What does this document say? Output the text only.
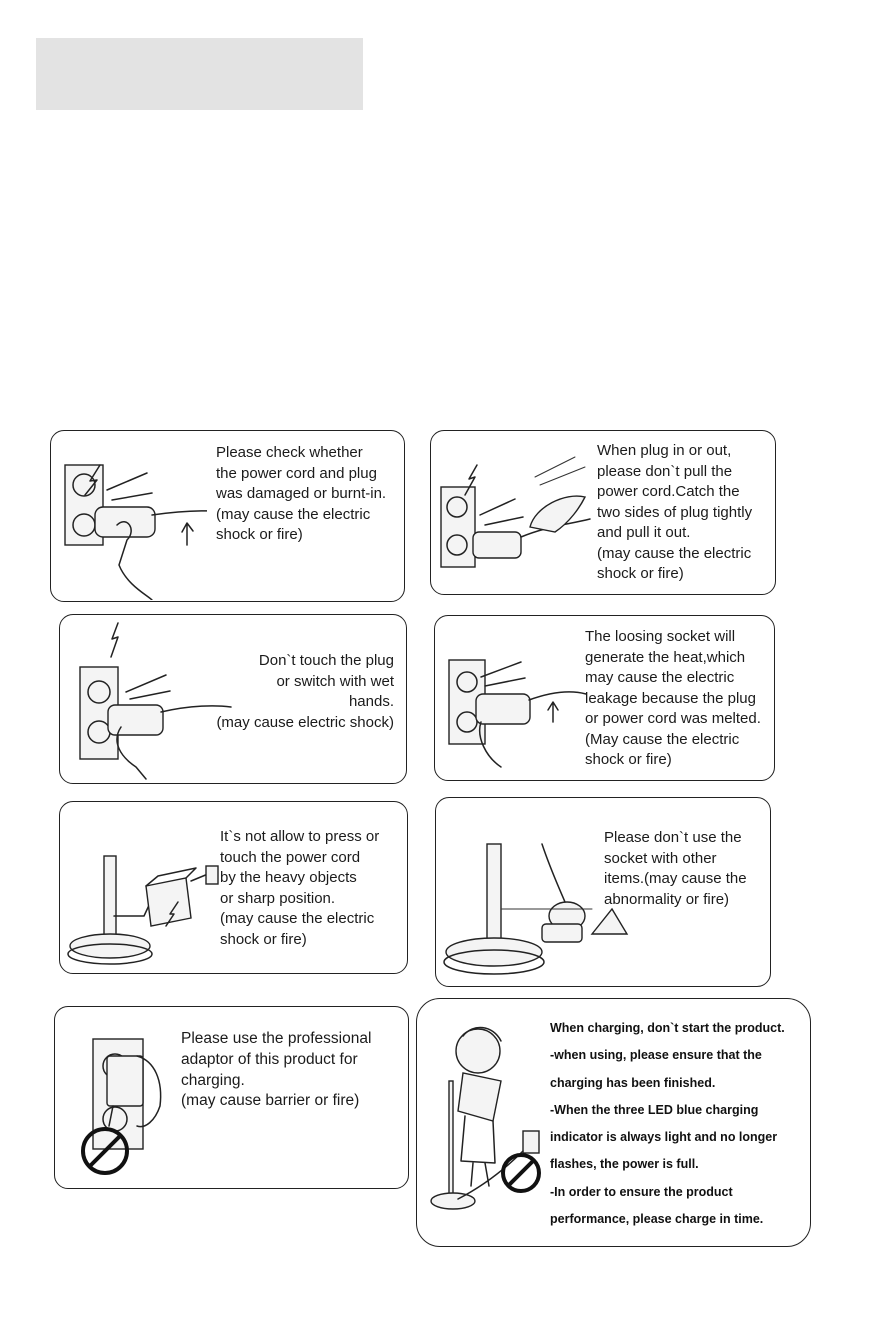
Please check whether
the power cord and plug
was damaged or burnt-in.
(may cause the electric
shock or fire)
When plug in or out,
please don`t pull the
power cord.Catch the
two sides of plug tightly
and pull it out.
(may cause the electric
shock or fire)
Don`t touch the plug
or switch with wet
hands.
(may cause electric shock)
The loosing socket will
generate the heat,which
may cause the electric
leakage because the plug
or power cord was melted.
(May cause the electric
shock or fire)
It`s not allow to press or
touch the power cord
by the heavy objects
or sharp position.
(may cause the electric
shock or fire)
Please don`t use the
socket with other
items.(may cause the
abnormality or fire)
Please use the professional
adaptor of this product for
charging.
(may cause barrier or fire)
When charging, don`t start the product.
-when using, please ensure that the
charging has been finished.
-When the three LED blue charging
indicator is always light and no longer
flashes, the power is full.
-In order to ensure the product
performance, please charge in time.
